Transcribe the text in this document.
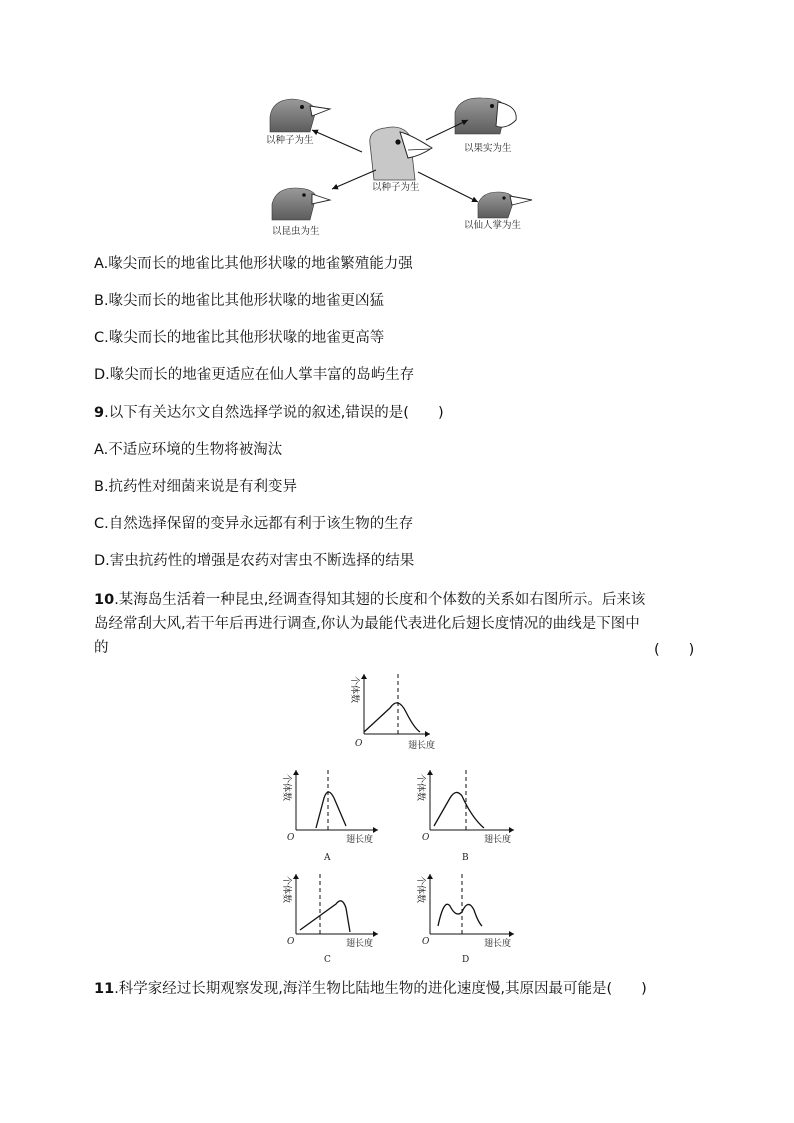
以种子为生
以果实为生
以种子为生
以昆虫为生
以仙人掌为生
A.喙尖而长的地雀比其他形状喙的地雀繁殖能力强
B.喙尖而长的地雀比其他形状喙的地雀更凶猛
C.喙尖而长的地雀比其他形状喙的地雀更高等
D.喙尖而长的地雀更适应在仙人掌丰富的岛屿生存
9.以下有关达尔文自然选择学说的叙述,错误的是(　　)
A.不适应环境的生物将被淘汰
B.抗药性对细菌来说是有利变异
C.自然选择保留的变异永远都有利于该生物的生存
D.害虫抗药性的增强是农药对害虫不断选择的结果
10.某海岛生活着一种昆虫,经调查得知其翅的长度和个体数的关系如右图所示。后来该
岛经常刮大风,若干年后再进行调查,你认为最能代表进化后翅长度情况的曲线是下图中
的	(　　)
个体数
O	翅长度
个体数
O	翅长度
A
个体数
O	翅长度
B
个体数
O	翅长度
C
个体数
O	翅长度
D
11.科学家经过长期观察发现,海洋生物比陆地生物的进化速度慢,其原因最可能是(　　)
